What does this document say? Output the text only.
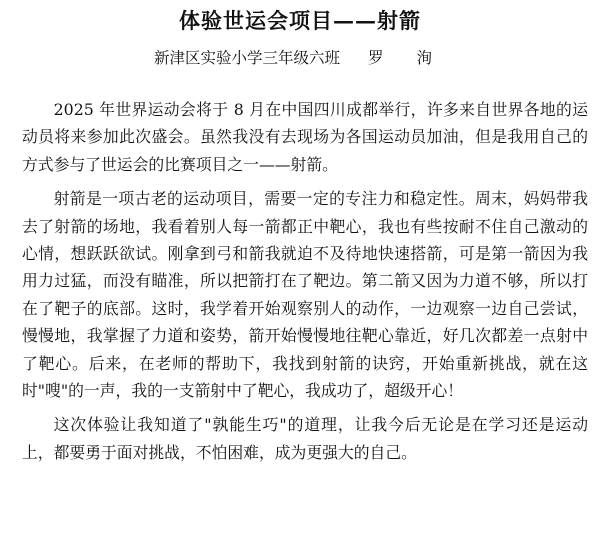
体验世运会项目——射箭
新津区实验小学三年级六班 罗 洵

2025 年世界运动会将于 8 月在中国四川成都举行，许多来自世界各地的运动员将来参加此次盛会。虽然我没有去现场为各国运动员加油，但是我用自己的方式参与了世运会的比赛项目之一——射箭。

射箭是一项古老的运动项目，需要一定的专注力和稳定性。周末，妈妈带我去了射箭的场地，我看着别人每一箭都正中靶心，我也有些按耐不住自己激动的心情，想跃跃欲试。刚拿到弓和箭我就迫不及待地快速搭箭，可是第一箭因为我用力过猛，而没有瞄准，所以把箭打在了靶边。第二箭又因为力道不够，所以打在了靶子的底部。这时，我学着开始观察别人的动作，一边观察一边自己尝试，慢慢地，我掌握了力道和姿势，箭开始慢慢地往靶心靠近，好几次都差一点射中了靶心。后来，在老师的帮助下，我找到射箭的诀窍，开始重新挑战，就在这时"嗖"的一声，我的一支箭射中了靶心，我成功了，超级开心！

这次体验让我知道了"孰能生巧"的道理，让我今后无论是在学习还是运动上，都要勇于面对挑战，不怕困难，成为更强大的自己。
